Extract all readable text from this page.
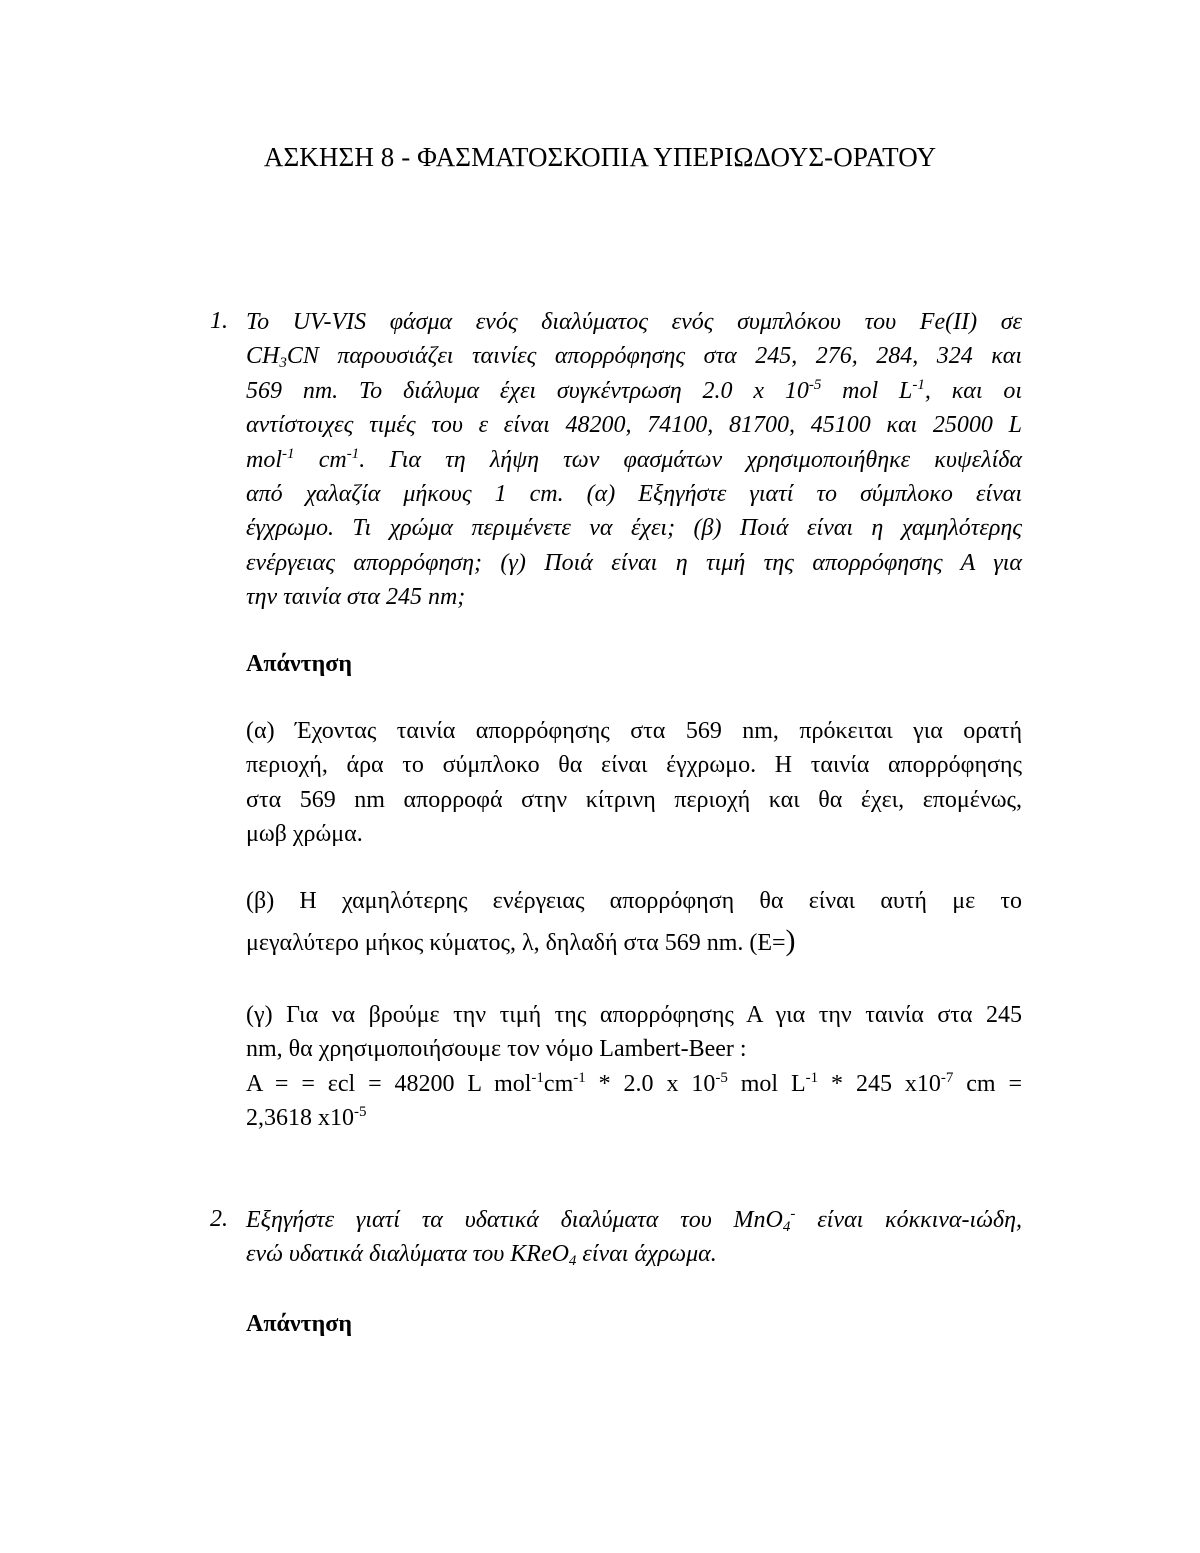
ΑΣΚΗΣΗ 8 - ΦΑΣΜΑΤΟΣΚΟΠΙΑ ΥΠΕΡΙΩΔΟΥΣ-ΟΡΑΤΟΥ
1. Το UV-VIS φάσμα ενός διαλύματος ενός συμπλόκου του Fe(II) σε
$CH_3CN$ παρουσιάζει ταινίες απορρόφησης στα 245, 276, 284, 324 και
569 nm. Το διάλυμα έχει συγκέντρωση 2.0 x $10^{-5}$ mol $L^{-1}$, και οι
αντίστοιχες τιμές του ε είναι 48200, 74100, 81700, 45100 και 25000 L
mol$^{-1}$ $cm^{-1}$. Για τη λήψη των φασμάτων χρησιμοποιήθηκε κυψελίδα
από χαλαζία μήκους 1 cm. (α) Εξηγήστε γιατί το σύμπλοκο είναι
έγχρωμο. Τι χρώμα περιμένετε να έχει; (β) Ποιά είναι η χαμηλότερης
ενέργειας απορρόφηση; (γ) Ποιά είναι η τιμή της απορρόφησης Α για
την ταινία στα 245 nm;
Απάντηση
(α) Έχοντας ταινία απορρόφησης στα 569 nm, πρόκειται για ορατή
περιοχή, άρα το σύμπλοκο θα είναι έγχρωμο. Η ταινία απορρόφησης
στα 569 nm απορροφά στην κίτρινη περιοχή και θα έχει, επομένως,
μωβ χρώμα.
(β) Η χαμηλότερης ενέργειας απορρόφηση θα είναι αυτή με το
μεγαλύτερο μήκος κύματος, λ, δηλαδή στα 569 nm. (E=)
(γ) Για να βρούμε την τιμή της απορρόφησης Α για την ταινία στα 245
nm, θα χρησιμοποιήσουμε τον νόμο Lambert-Beer :
A = = εcl = 48200 L $mol^{-1}cm^{-1} * 2.0$ x $10^{-5}$ mol $L^{-1} * 245$ $x10^{-7}$ cm =
2,3618 $x10^{-5}$
2. Εξηγήστε γιατί τα υδατικά διαλύματα του MnO$_4$- είναι κόκκινα-ιώδη,
ενώ υδατικά διαλύματα του KReO$_4$ είναι άχρωμα.
Απάντηση
